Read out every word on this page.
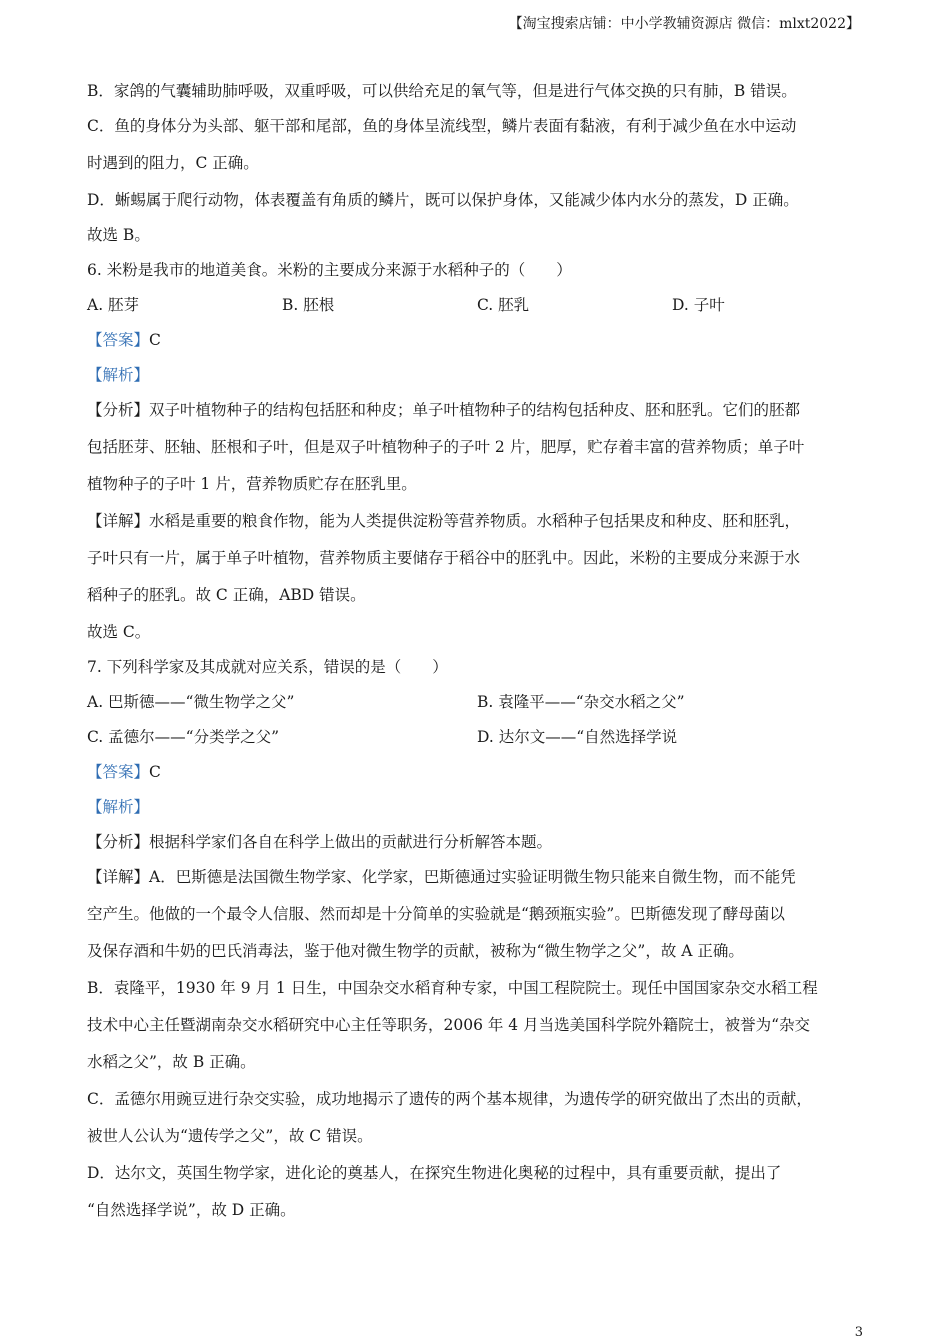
【淘宝搜索店铺：中小学教辅资源店 微信：mlxt2022】
B．家鸽的气囊辅助肺呼吸，双重呼吸，可以供给充足的氧气等，但是进行气体交换的只有肺，B 错误。
C．鱼的身体分为头部、躯干部和尾部，鱼的身体呈流线型，鳞片表面有黏液，有利于减少鱼在水中运动
时遇到的阻力，C 正确。
D．蜥蜴属于爬行动物，体表覆盖有角质的鳞片，既可以保护身体，又能减少体内水分的蒸发，D 正确。
故选 B。
6. 米粉是我市的地道美食。米粉的主要成分来源于水稻种子的（　　）
A. 胚芽	B. 胚根	C. 胚乳	D. 子叶
【答案】C
【解析】
【分析】双子叶植物种子的结构包括胚和种皮；单子叶植物种子的结构包括种皮、胚和胚乳。它们的胚都
包括胚芽、胚轴、胚根和子叶，但是双子叶植物种子的子叶 2 片，肥厚，贮存着丰富的营养物质；单子叶
植物种子的子叶 1 片，营养物质贮存在胚乳里。
【详解】水稻是重要的粮食作物，能为人类提供淀粉等营养物质。水稻种子包括果皮和种皮、胚和胚乳，
子叶只有一片，属于单子叶植物，营养物质主要储存于稻谷中的胚乳中。因此，米粉的主要成分来源于水
稻种子的胚乳。故 C 正确，ABD 错误。
故选 C。
7. 下列科学家及其成就对应关系，错误的是（　　）
A. 巴斯德——“微生物学之父”	B. 袁隆平——“杂交水稻之父”
C. 孟德尔——“分类学之父”	D. 达尔文——“自然选择学说
【答案】C
【解析】
【分析】根据科学家们各自在科学上做出的贡献进行分析解答本题。
【详解】A．巴斯德是法国微生物学家、化学家，巴斯德通过实验证明微生物只能来自微生物，而不能凭
空产生。他做的一个最令人信服、然而却是十分简单的实验就是“鹅颈瓶实验”。巴斯德发现了酵母菌以
及保存酒和牛奶的巴氏消毒法，鉴于他对微生物学的贡献，被称为“微生物学之父”，故 A 正确。
B．袁隆平，1930 年 9 月 1 日生，中国杂交水稻育种专家，中国工程院院士。现任中国国家杂交水稻工程
技术中心主任暨湖南杂交水稻研究中心主任等职务，2006 年 4 月当选美国科学院外籍院士，被誉为“杂交
水稻之父”，故 B 正确。
C．孟德尔用豌豆进行杂交实验，成功地揭示了遗传的两个基本规律，为遗传学的研究做出了杰出的贡献，
被世人公认为“遗传学之父”，故 C 错误。
D．达尔文，英国生物学家，进化论的奠基人，在探究生物进化奥秘的过程中，具有重要贡献，提出了
“自然选择学说”，故 D 正确。
3
